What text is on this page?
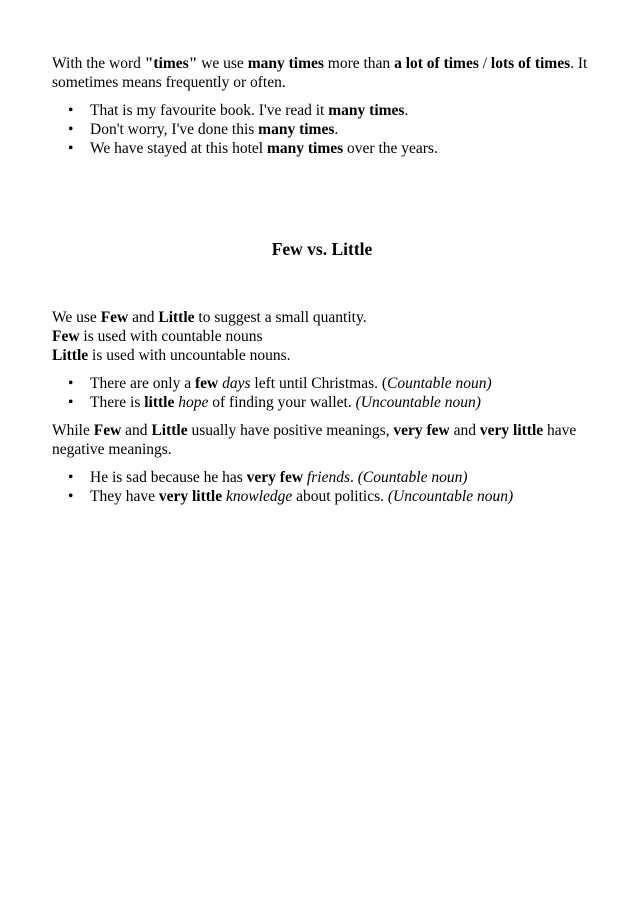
With the word "times" we use many times more than a lot of times / lots of times. It sometimes means frequently or often.

• That is my favourite book. I've read it many times.
• Don't worry, I've done this many times.
• We have stayed at this hotel many times over the years.
Few vs. Little

We use Few and Little to suggest a small quantity.
Few is used with countable nouns
Little is used with uncountable nouns.

• There are only a few days left until Christmas. (Countable noun)
• There is little hope of finding your wallet. (Uncountable noun)

While Few and Little usually have positive meanings, very few and very little have negative meanings.

• He is sad because he has very few friends. (Countable noun)
• They have very little knowledge about politics. (Uncountable noun)
